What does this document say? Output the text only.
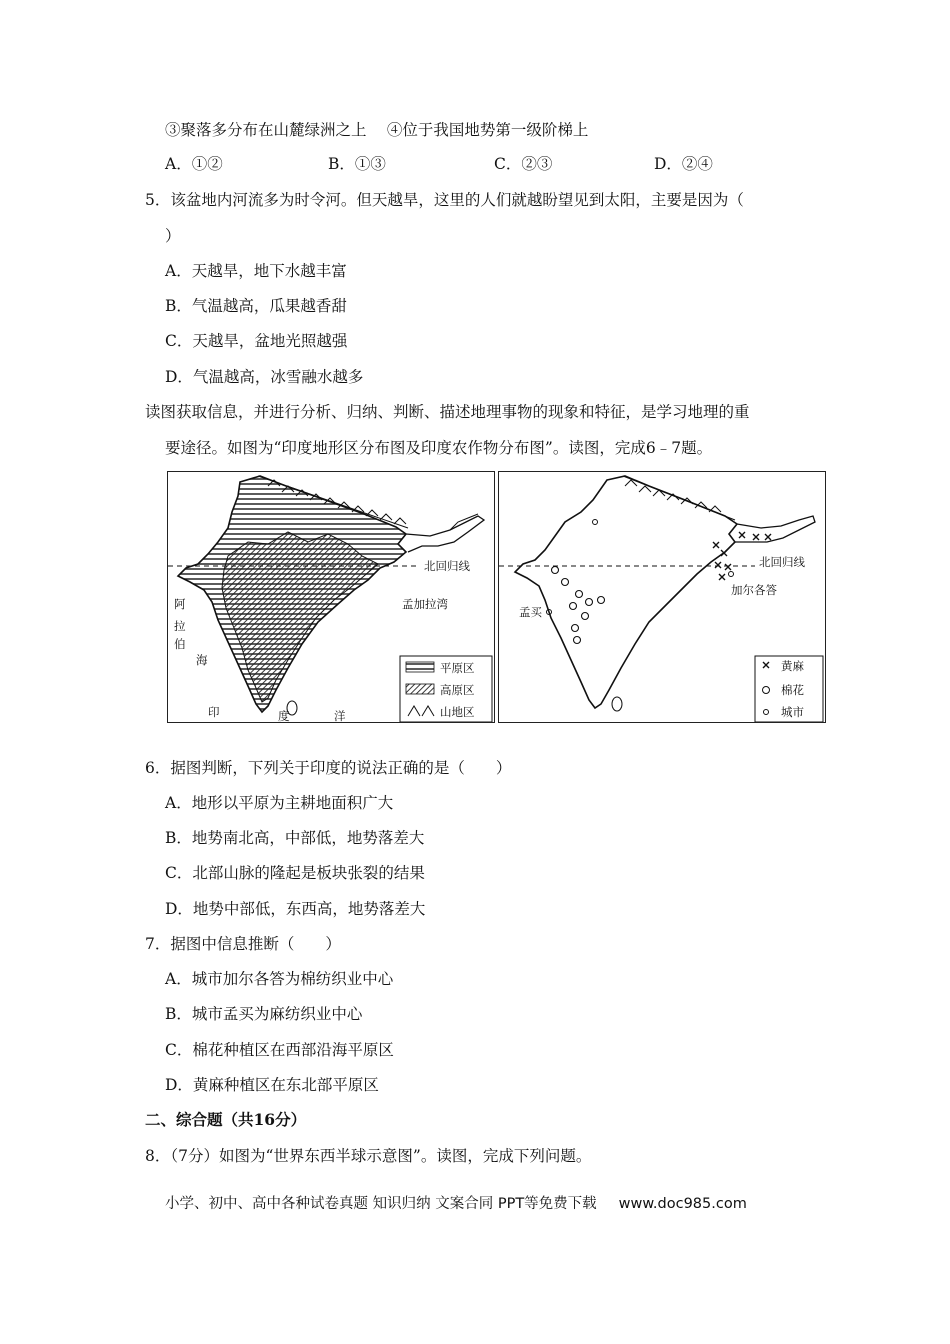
③聚落多分布在山麓绿洲之上　 ④位于我国地势第一级阶梯上
A．①②	B．①③	C．②③	D．②④
5．该盆地内河流多为时令河。但天越旱，这里的人们就越盼望见到太阳，主要是因为（
）
A．天越旱，地下水越丰富
B．气温越高，瓜果越香甜
C．天越旱，盆地光照越强
D．气温越高，冰雪融水越多
读图获取信息，并进行分析、归纳、判断、描述地理事物的现象和特征，是学习地理的重
要途径。如图为“印度地形区分布图及印度农作物分布图”。读图，完成6﹣7题。
北回归线
孟加拉湾
阿
拉
伯
海
印	度	洋
平原区
高原区
山地区
北回归线
加尔各答
孟买
黄麻
棉花
城市
6．据图判断，下列关于印度的说法正确的是（　　）
A．地形以平原为主耕地面积广大
B．地势南北高，中部低，地势落差大
C．北部山脉的隆起是板块张裂的结果
D．地势中部低，东西高，地势落差大
7．据图中信息推断（　　）
A．城市加尔各答为棉纺织业中心
B．城市孟买为麻纺织业中心
C．棉花种植区在西部沿海平原区
D．黄麻种植区在东北部平原区
二、综合题（共16分）
8．（7分）如图为“世界东西半球示意图”。读图，完成下列问题。
小学、初中、高中各种试卷真题 知识归纳 文案合同 PPT等免费下载 www.doc985.com
